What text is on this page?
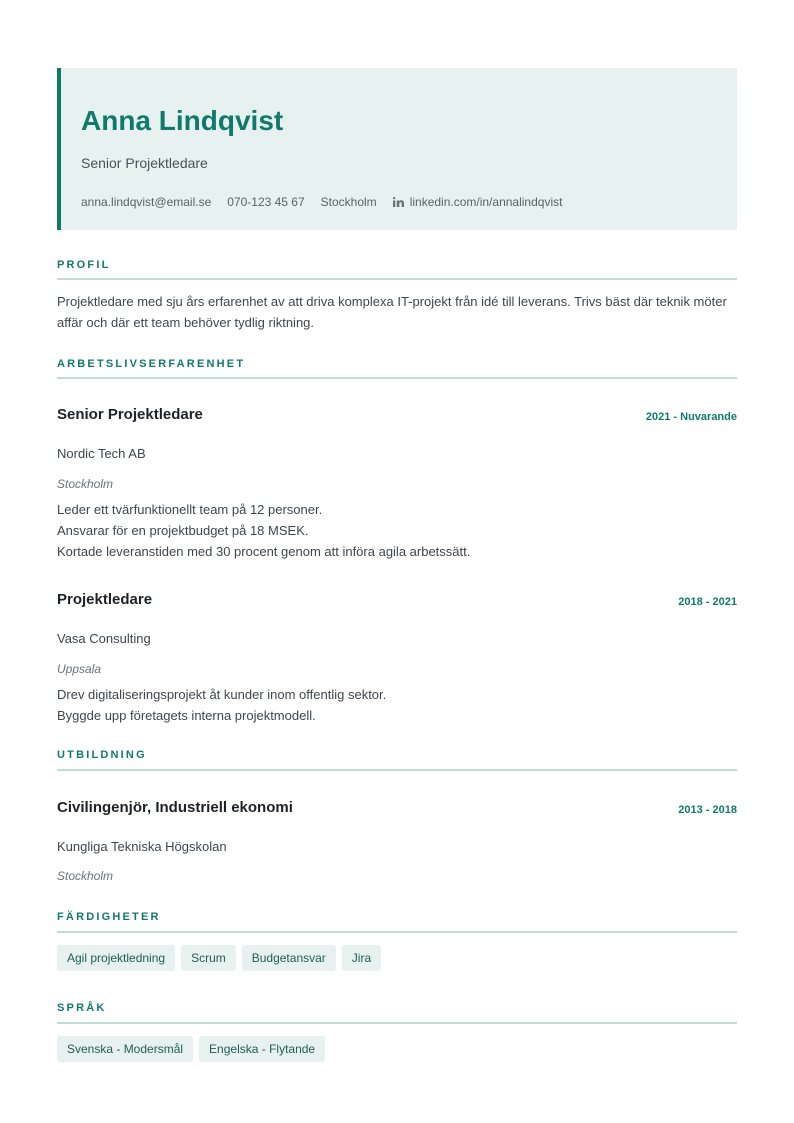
Anna Lindqvist
Senior Projektledare
anna.lindqvist@email.se 070-123 45 67 Stockholm	linkedin.com/in/annalindqvist
PROFIL
Projektledare med sju års erfarenhet av att driva komplexa IT-projekt från idé till leverans. Trivs bäst där teknik möter affär och där ett team behöver tydlig riktning.
ARBETSLIVSERFARENHET
Senior Projektledare	2021 - Nuvarande
Nordic Tech AB
Stockholm
Leder ett tvärfunktionellt team på 12 personer.
Ansvarar för en projektbudget på 18 MSEK.
Kortade leveranstiden med 30 procent genom att införa agila arbetssätt.
Projektledare	2018 - 2021
Vasa Consulting
Uppsala
Drev digitaliseringsprojekt åt kunder inom offentlig sektor.
Byggde upp företagets interna projektmodell.
UTBILDNING
Civilingenjör, Industriell ekonomi	2013 - 2018
Kungliga Tekniska Högskolan
Stockholm
FÄRDIGHETER
Agil projektledning	Scrum	Budgetansvar	Jira
SPRÅK
Svenska - Modersmål	Engelska - Flytande
